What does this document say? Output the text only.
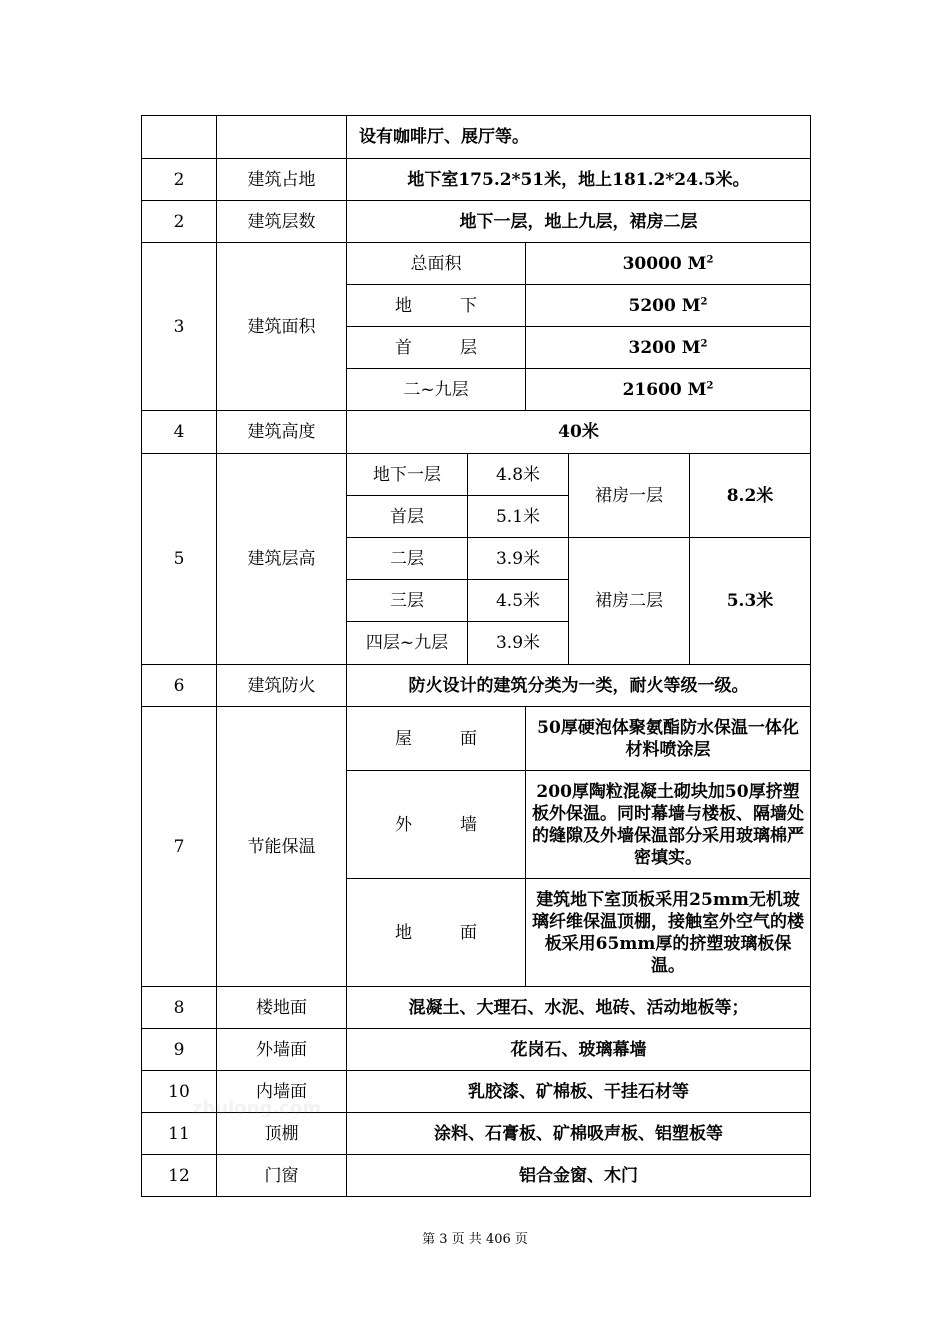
		设有咖啡厅、展厅等。				
2	建筑占地	地下室175.2*51米，地上181.2*24.5米。				
2	建筑层数	地下一层，地上九层，裙房二层				
3	建筑面积	总面积		30000 $M^2$
		地 下		5200 $M^2$
		首 层		3200 $M^2$
		二~九层		21600 $M^2$
4	建筑高度	40米				
5	建筑层高	地下一层	4.8米		裙房一层	8.2米
		首层	5.1米			
		二层	3.9米		裙房二层	5.3米
		三层	4.5米			
		四层~九层	3.9米			
6	建筑防火	防火设计的建筑分类为一类，耐火等级一级。				
7	节能保温	屋 面		50厚硬泡体聚氨酯防水保温一体化材料喷涂层		
		外 墙		200厚陶粒混凝土砌块加50厚挤塑板外保温。同时幕墙与楼板、隔墙处的缝隙及外墙保温部分采用玻璃棉严密填实。		
		地 面		建筑地下室顶板采用25mm无机玻璃纤维保温顶棚，接触室外空气的楼板采用65mm厚的挤塑玻璃板保温。		
8	楼地面	混凝土、大理石、水泥、地砖、活动地板等；				
9	外墙面	花岗石、玻璃幕墙				
10	内墙面	乳胶漆、矿棉板、干挂石材等				
11	顶棚	涂料、石膏板、矿棉吸声板、铝塑板等				
12	门窗	铝合金窗、木门				
zhulong.com
第 3 页 共 406 页
